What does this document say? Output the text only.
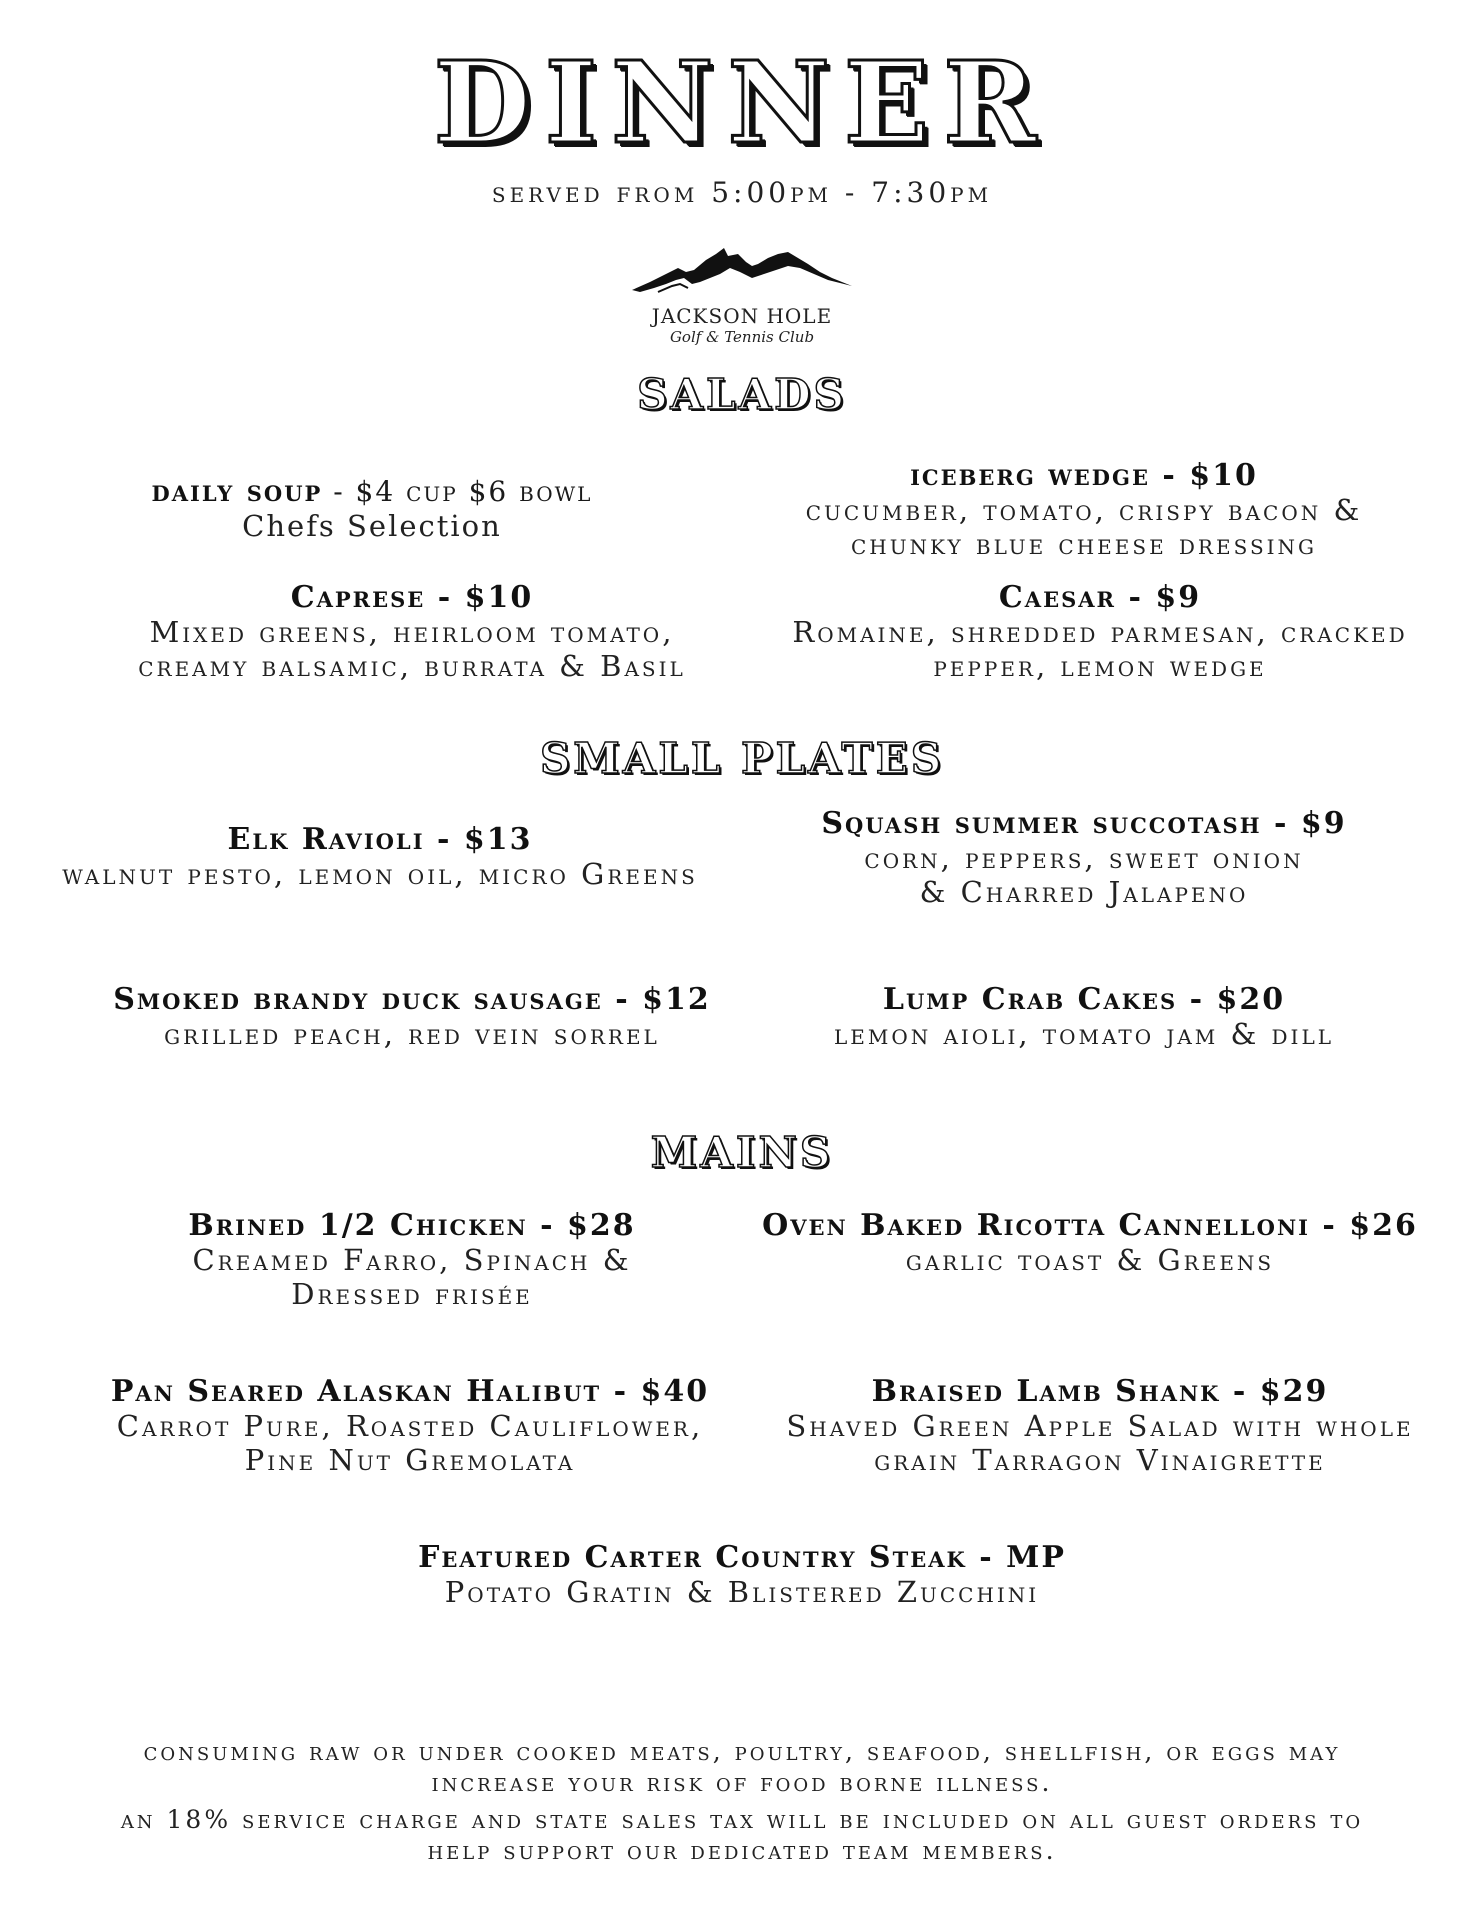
DINNER
served from 5:00pm - 7:30pm
JACKSON HOLE
Golf & Tennis Club
SALADS
daily soup - $4 cup $6 bowl
Chefs Selection
iceberg wedge - $10
cucumber, tomato, crispy bacon &
chunky blue cheese dressing
Caprese - $10
Mixed greens, heirloom tomato,
creamy balsamic, burrata & Basil
Caesar - $9
Romaine, shredded parmesan, cracked
pepper, lemon wedge
SMALL PLATES
Elk Ravioli - $13
walnut pesto, lemon oil, micro Greens
Squash summer succotash - $9
corn, peppers, sweet onion
& Charred Jalapeno
Smoked brandy duck sausage - $12
grilled peach, red vein sorrel
Lump Crab Cakes - $20
lemon aioli, tomato jam & dill
MAINS
Brined 1/2 Chicken - $28
Creamed Farro, Spinach &
Dressed frisée
Oven Baked Ricotta Cannelloni - $26
garlic toast & Greens
Pan Seared Alaskan Halibut - $40
Carrot Pure, Roasted Cauliflower,
Pine Nut Gremolata
Braised Lamb Shank - $29
Shaved Green Apple Salad with whole
grain Tarragon Vinaigrette
Featured Carter Country Steak - MP
Potato Gratin & Blistered Zucchini
consuming raw or under cooked meats, poultry, seafood, shellfish, or eggs may
increase your risk of food borne illness.
an 18% service charge and state sales tax will be included on all guest orders to
help support our dedicated team members.
